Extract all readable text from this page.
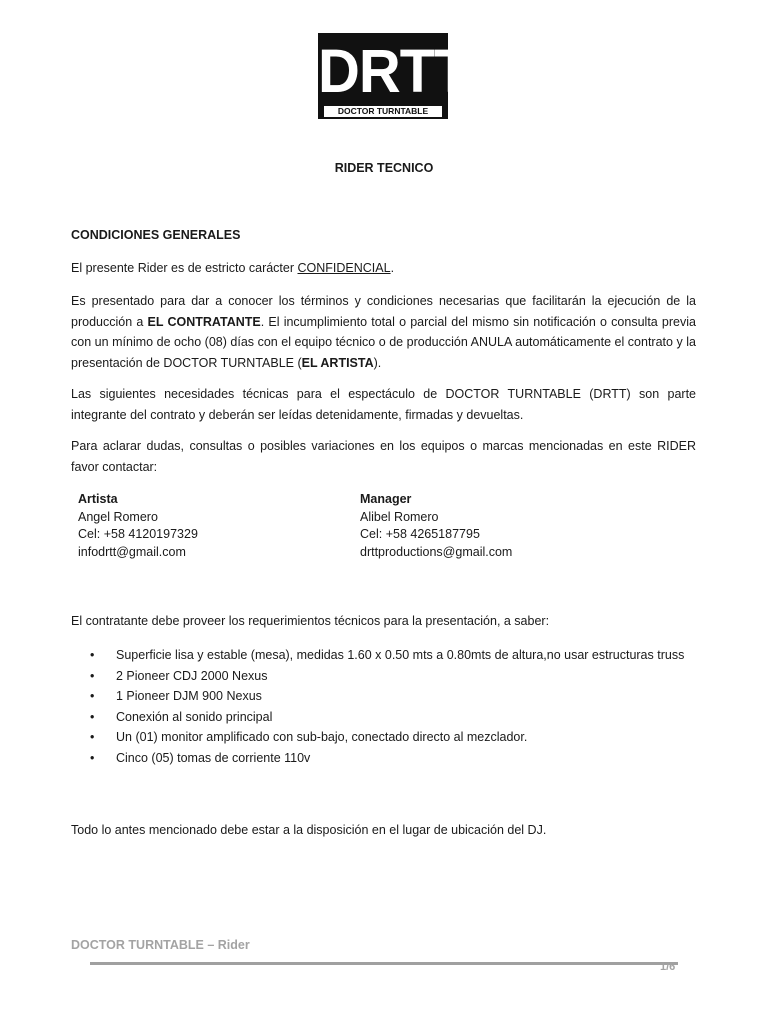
DRTT
DOCTOR TURNTABLE
RIDER TECNICO
CONDICIONES GENERALES

El presente Rider es de estricto carácter CONFIDENCIAL.

Es presentado para dar a conocer los términos y condiciones necesarias que facilitarán la ejecución de la producción a EL CONTRATANTE. El incumplimiento total o parcial del mismo sin notificación o consulta previa con un mínimo de ocho (08) días con el equipo técnico o de producción ANULA automáticamente el contrato y la presentación de DOCTOR TURNTABLE (EL ARTISTA).

Las siguientes necesidades técnicas para el espectáculo de DOCTOR TURNTABLE (DRTT) son parte integrante del contrato y deberán ser leídas detenidamente, firmadas y devueltas.

Para aclarar dudas, consultas o posibles variaciones en los equipos o marcas mencionadas en este RIDER favor contactar:

Artista
Angel Romero
Cel: +58 4120197329
infodrtt@gmail.com
Manager
Alibel Romero
Cel: +58 4265187795
drttproductions@gmail.com

El contratante debe proveer los requerimientos técnicos para la presentación, a saber:

• Superficie lisa y estable (mesa), medidas 1.60 x 0.50 mts a 0.80mts de altura,no usar estructuras truss
• 2 Pioneer CDJ 2000 Nexus
• 1 Pioneer DJM 900 Nexus
• Conexión al sonido principal
• Un (01) monitor amplificado con sub-bajo, conectado directo al mezclador.
• Cinco (05) tomas de corriente 110v

Todo lo antes mencionado debe estar a la disposición en el lugar de ubicación del DJ.

DOCTOR TURNTABLE – Rider
1/6
